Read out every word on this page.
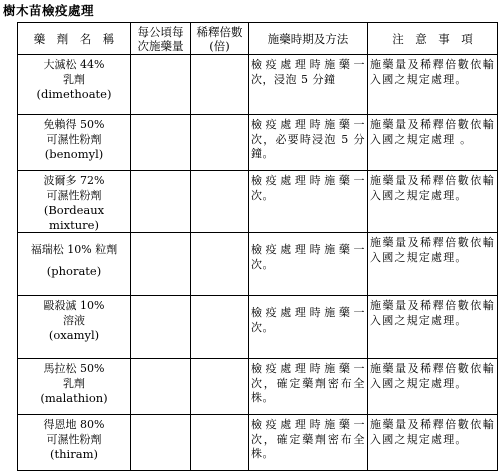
樹木苗檢疫處理
藥　劑　名　稱	每公頃每次施藥量	稀釋倍數(倍)	施藥時期及方法	注　意　事　項

大滅松 44%
乳劑
(dimethoate)			檢疫處理時施藥一次，浸泡 5 分鐘	施藥量及稀釋倍數依輸入國之規定處理。

免賴得 50%
可濕性粉劑
(benomyl)			檢疫處理時施藥一次，必要時浸泡 5 分鐘。	施藥量及稀釋倍數依輸入國之規定處理 。

波爾多 72%
可濕性粉劑
(Bordeaux mixture)			檢疫處理時施藥一次。	施藥量及稀釋倍數依輸入國之規定處理。

福瑞松 10% 粒劑
(phorate)			檢疫處理時施藥一次。	施藥量及稀釋倍數依輸入國之規定處理。

毆殺滅 10%
溶液
(oxamyl)			檢疫處理時施藥一次。	施藥量及稀釋倍數依輸入國之規定處理。

馬拉松 50%
乳劑
(malathion)			檢疫處理時施藥一次，確定藥劑密布全株。	施藥量及稀釋倍數依輸入國之規定處理。

得恩地 80%
可濕性粉劑
(thiram)			檢疫處理時施藥一次，確定藥劑密布全株。	施藥量及稀釋倍數依輸入國之規定處理。
